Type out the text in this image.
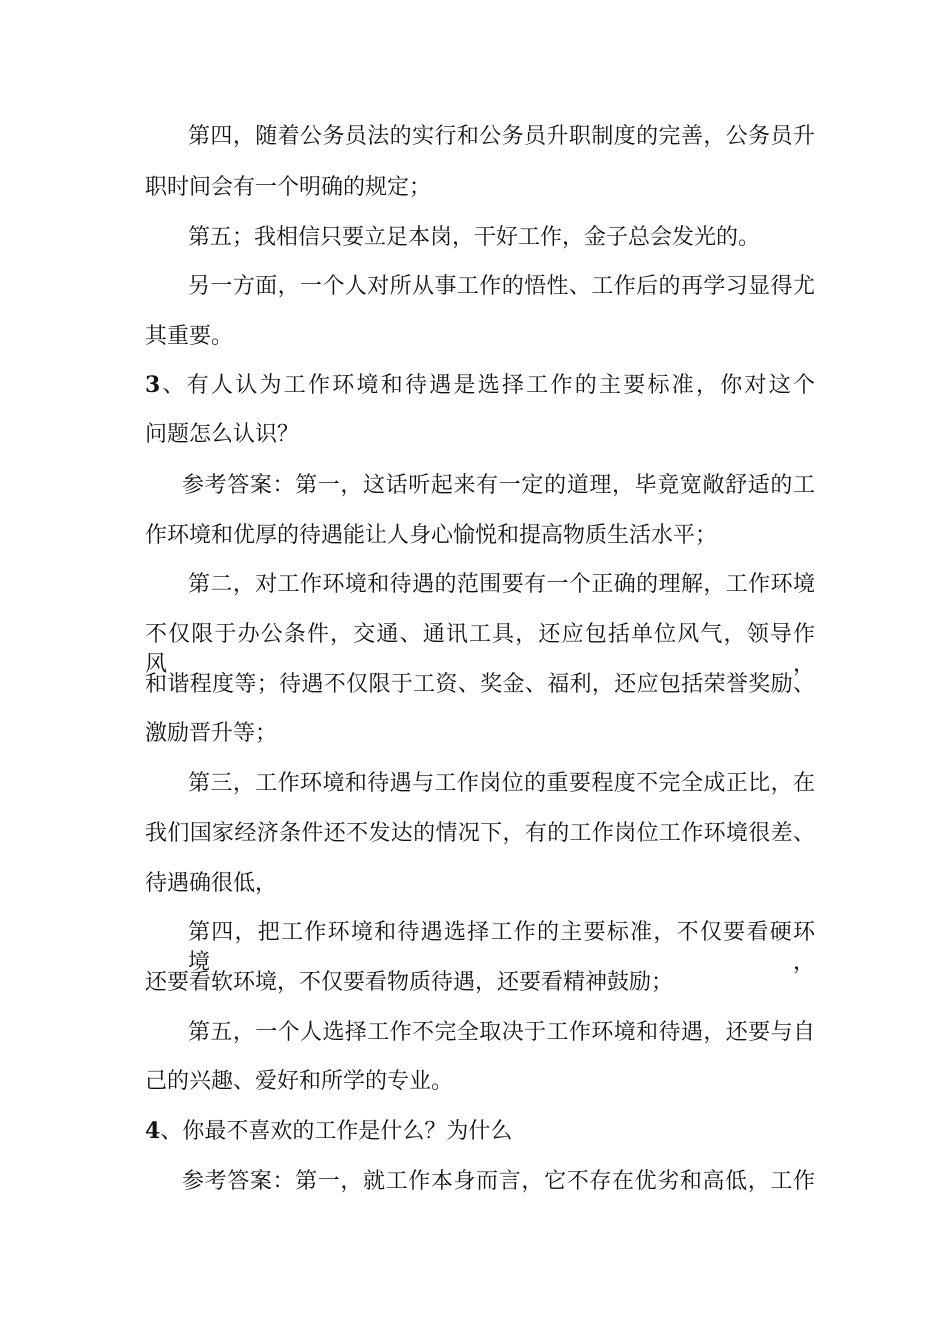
第四，随着公务员法的实行和公务员升职制度的完善，公务员升
职时间会有一个明确的规定；
第五；我相信只要立足本岗，干好工作，金子总会发光的。
另一方面，一个人对所从事工作的悟性、工作后的再学习显得尤
其重要。
3、有人认为工作环境和待遇是选择工作的主要标准，你对这个
问题怎么认识？
参考答案：第一，这话听起来有一定的道理，毕竟宽敞舒适的工
作环境和优厚的待遇能让人身心愉悦和提高物质生活水平；
第二，对工作环境和待遇的范围要有一个正确的理解，工作环境
不仅限于办公条件，交通、通讯工具，还应包括单位风气，领导作风，
和谐程度等；待遇不仅限于工资、奖金、福利，还应包括荣誉奖励、
激励晋升等；
第三，工作环境和待遇与工作岗位的重要程度不完全成正比，在
我们国家经济条件还不发达的情况下，有的工作岗位工作环境很差、
待遇确很低，
第四，把工作环境和待遇选择工作的主要标准，不仅要看硬环境，
还要看软环境，不仅要看物质待遇，还要看精神鼓励；
第五，一个人选择工作不完全取决于工作环境和待遇，还要与自
己的兴趣、爱好和所学的专业。
4、你最不喜欢的工作是什么？为什么
参考答案：第一，就工作本身而言，它不存在优劣和高低，工作
